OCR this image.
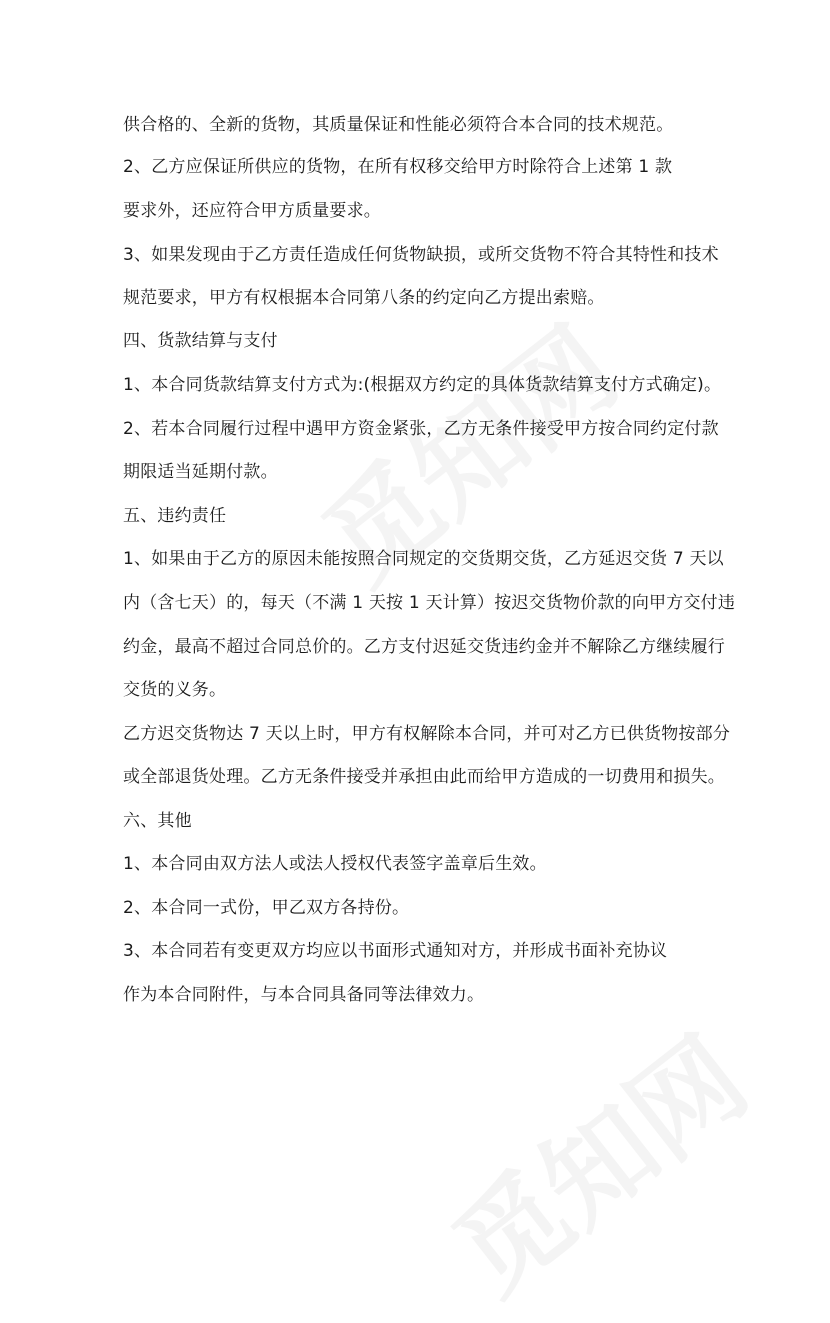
供合格的、全新的货物，其质量保证和性能必须符合本合同的技术规范。
2、乙方应保证所供应的货物，在所有权移交给甲方时除符合上述第 1 款
要求外，还应符合甲方质量要求。
3、如果发现由于乙方责任造成任何货物缺损，或所交货物不符合其特性和技术
规范要求，甲方有权根据本合同第八条的约定向乙方提出索赔。
四、货款结算与支付
1、本合同货款结算支付方式为:(根据双方约定的具体货款结算支付方式确定)。
2、若本合同履行过程中遇甲方资金紧张，乙方无条件接受甲方按合同约定付款
期限适当延期付款。
五、违约责任
1、如果由于乙方的原因未能按照合同规定的交货期交货，乙方延迟交货 7 天以
内（含七天）的，每天（不满 1 天按 1 天计算）按迟交货物价款的向甲方交付违
约金，最高不超过合同总价的。乙方支付迟延交货违约金并不解除乙方继续履行
交货的义务。
乙方迟交货物达 7 天以上时，甲方有权解除本合同，并可对乙方已供货物按部分
或全部退货处理。乙方无条件接受并承担由此而给甲方造成的一切费用和损失。
六、其他
1、本合同由双方法人或法人授权代表签字盖章后生效。
2、本合同一式份，甲乙双方各持份。
3、本合同若有变更双方均应以书面形式通知对方，并形成书面补充协议
作为本合同附件，与本合同具备同等法律效力。
